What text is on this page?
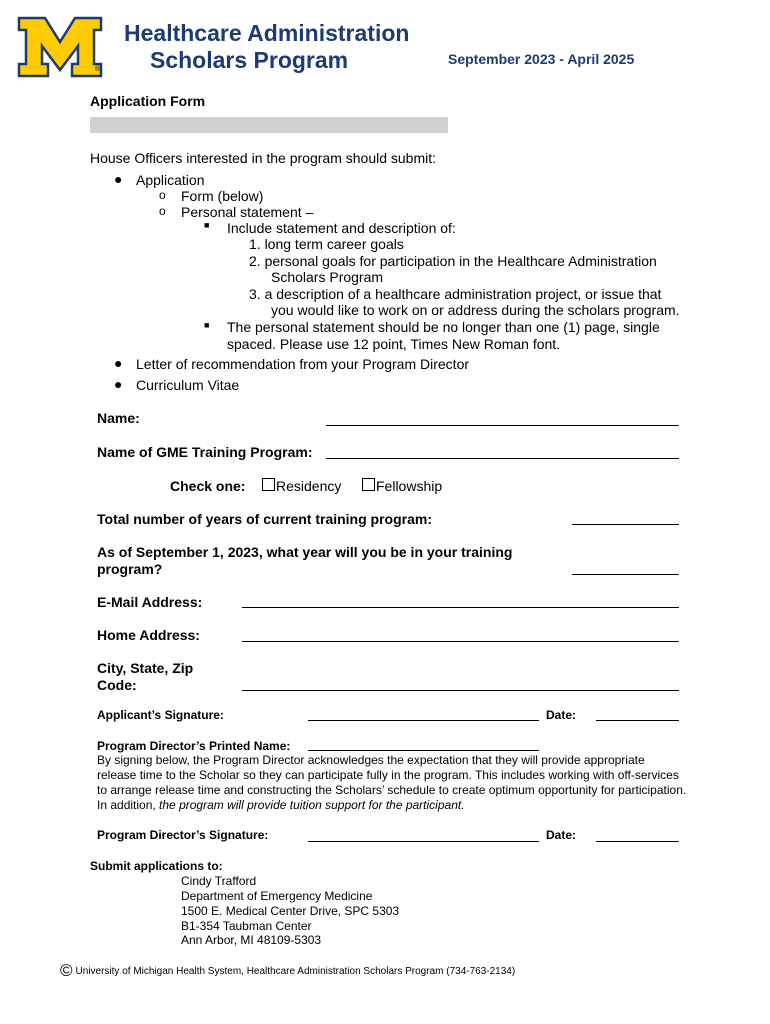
®
Healthcare Administration
Scholars Program	September 2023 - April 2025
Application Form
House Officers interested in the program should submit:
● Application
o Form (below)
o Personal statement –
■ Include statement and description of:
1. long term career goals
2. personal goals for participation in the Healthcare Administration
Scholars Program
3. a description of a healthcare administration project, or issue that
you would like to work on or address during the scholars program.
■ The personal statement should be no longer than one (1) page, single
spaced. Please use 12 point, Times New Roman font.
● Letter of recommendation from your Program Director
● Curriculum Vitae
Name:
Name of GME Training Program:
Check one: Residency Fellowship
Total number of years of current training program:
As of September 1, 2023, what year will you be in your training
program?
E-Mail Address:
Home Address:
City, State, Zip
Code:
Applicant’s Signature:	Date:
Program Director’s Printed Name:
By signing below, the Program Director acknowledges the expectation that they will provide appropriate release time to the Scholar so they can participate fully in the program. This includes working with off-services to arrange release time and constructing the Scholars’ schedule to create optimum opportunity for participation. In addition, the program will provide tuition support for the participant.
Program Director’s Signature:	Date:
Submit applications to:
Cindy Trafford
Department of Emergency Medicine
1500 E. Medical Center Drive, SPC 5303
B1-354 Taubman Center
Ann Arbor, MI 48109-5303
© University of Michigan Health System, Healthcare Administration Scholars Program (734-763-2134)
